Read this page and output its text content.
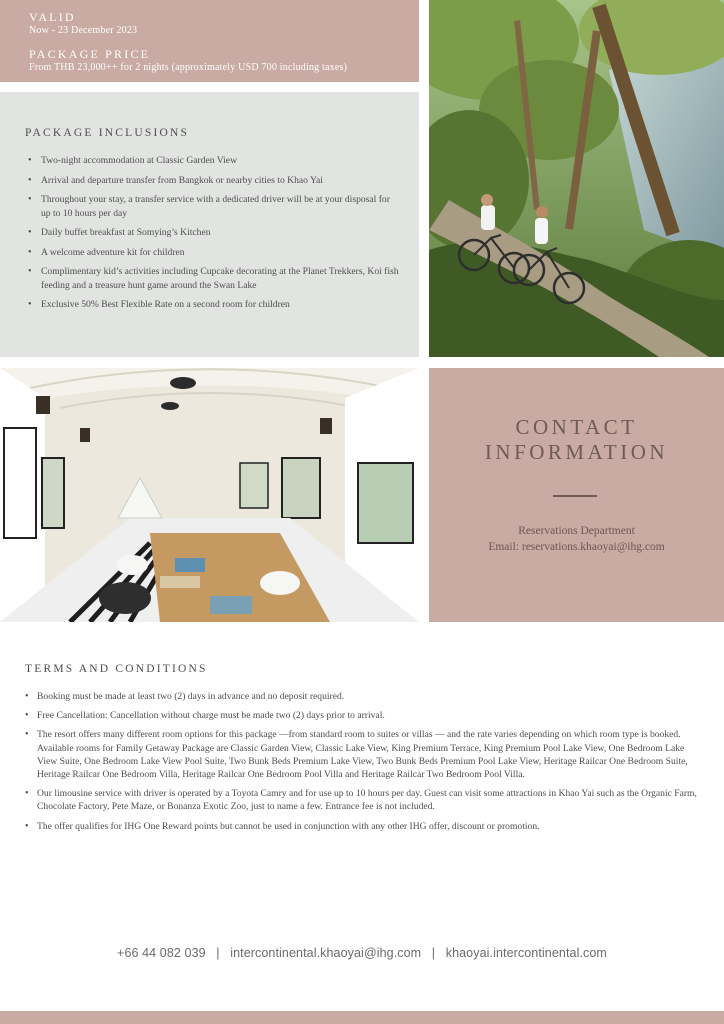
VALID
Now - 23 December 2023
PACKAGE PRICE
From THB 23,000++ for 2 nights (approximately USD 700 including taxes)
PACKAGE INCLUSIONS
• Two-night accommodation at Classic Garden View
• Arrival and departure transfer from Bangkok or nearby cities to Khao Yai
• Throughout your stay, a transfer service with a dedicated driver will be at your disposal for up to 10 hours per day
• Daily buffet breakfast at Somying’s Kitchen
• A welcome adventure kit for children
• Complimentary kid’s activities including Cupcake decorating at the Planet Trekkers, Koi fish feeding and a treasure hunt game around the Swan Lake
• Exclusive 50% Best Flexible Rate on a second room for children
CONTACT
INFORMATION
Reservations Department
Email: reservations.khaoyai@ihg.com
TERMS AND CONDITIONS
• Booking must be made at least two (2) days in advance and no deposit required.
• Free Cancellation: Cancellation without charge must be made two (2) days prior to arrival.
• The resort offers many different room options for this package —from standard room to suites or villas — and the rate varies depending on which room type is booked. Available rooms for Family Getaway Package are Classic Garden View, Classic Lake View, King Premium Terrace, King Premium Pool Lake View, One Bedroom Lake View Suite, One Bedroom Lake View Pool Suite, Two Bunk Beds Premium Lake View, Two Bunk Beds Premium Pool Lake View, Heritage Railcar One Bedroom Suite, Heritage Railcar One Bedroom Villa, Heritage Railcar One Bedroom Pool Villa and Heritage Railcar Two Bedroom Pool Villa.
• Our limousine service with driver is operated by a Toyota Camry and for use up to 10 hours per day. Guest can visit some attractions in Khao Yai such as the Organic Farm, Chocolate Factory, Pete Maze, or Bonanza Exotic Zoo, just to name a few. Entrance fee is not included.
• The offer qualifies for IHG One Reward points but cannot be used in conjunction with any other IHG offer, discount or promotion.
+66 44 082 039 | intercontinental.khaoyai@ihg.com | khaoyai.intercontinental.com
